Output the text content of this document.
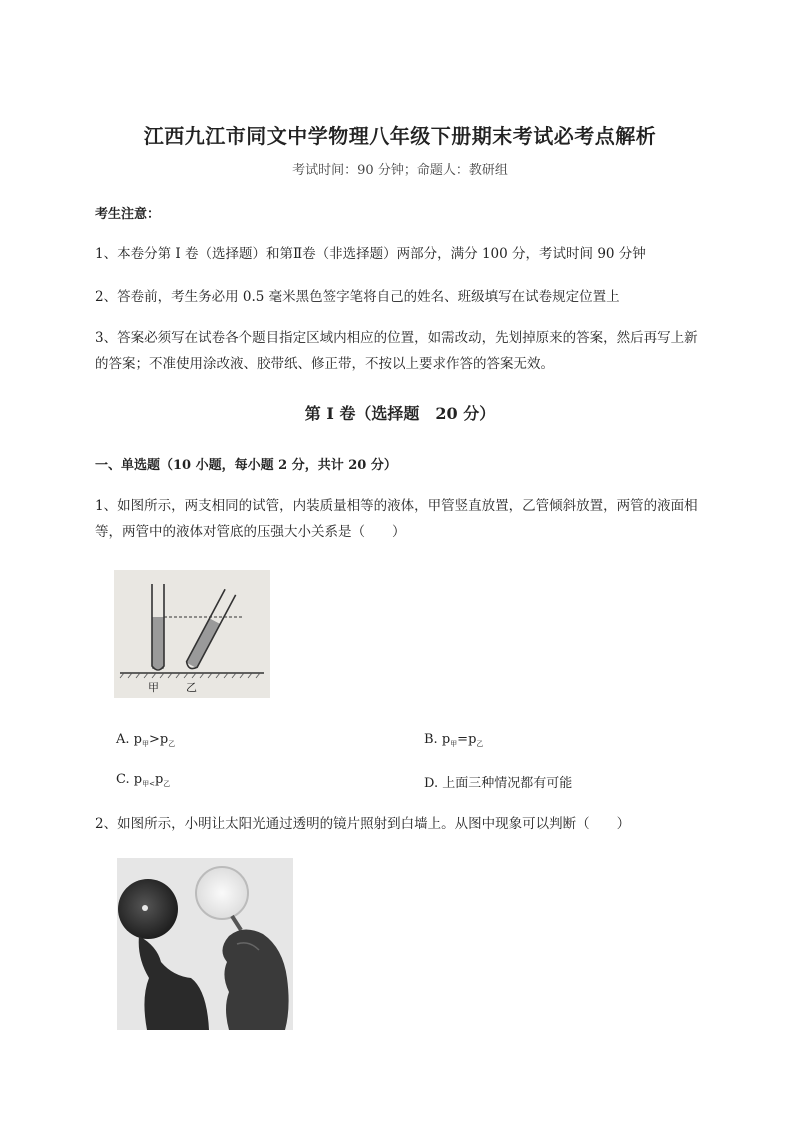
江西九江市同文中学物理八年级下册期末考试必考点解析
考试时间：90 分钟；命题人：教研组
考生注意：
1、本卷分第 I 卷（选择题）和第Ⅱ卷（非选择题）两部分，满分 100 分，考试时间 90 分钟
2、答卷前，考生务必用 0.5 毫米黑色签字笔将自己的姓名、班级填写在试卷规定位置上
3、答案必须写在试卷各个题目指定区域内相应的位置，如需改动，先划掉原来的答案，然后再写上新的答案；不准使用涂改液、胶带纸、修正带，不按以上要求作答的答案无效。
第 I 卷（选择题　20 分）
一、单选题（10 小题，每小题 2 分，共计 20 分）
1、如图所示，两支相同的试管，内装质量相等的液体，甲管竖直放置，乙管倾斜放置，两管的液面相等，两管中的液体对管底的压强大小关系是（　　）
甲 乙
A. $p_甲>p_乙$	B. $p_甲=p_乙$
C. $p_{甲<}p_乙$	D. 上面三种情况都有可能
2、如图所示，小明让太阳光通过透明的镜片照射到白墙上。从图中现象可以判断（　　）
